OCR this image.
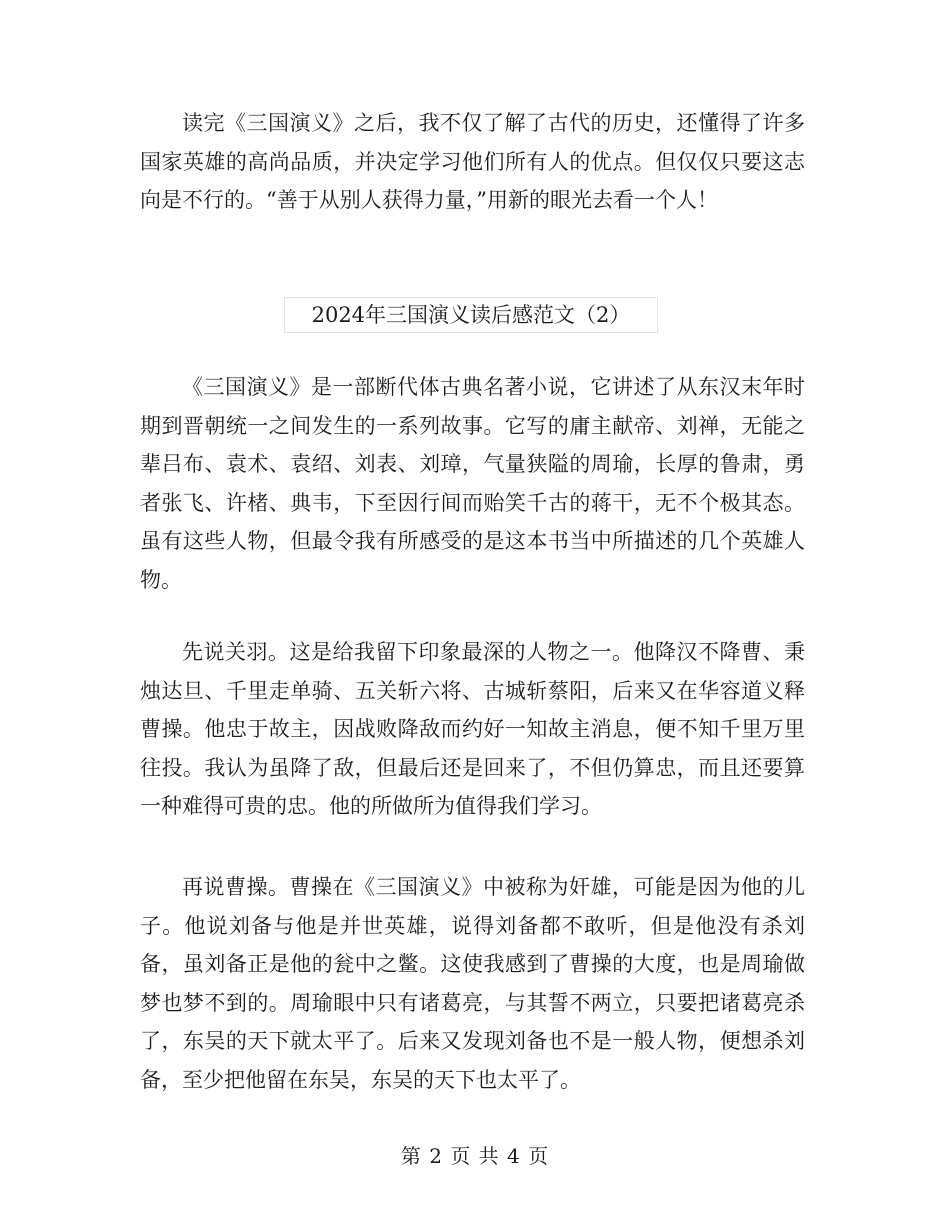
读完《三国演义》之后，我不仅了解了古代的历史，还懂得了许多国家英雄的高尚品质，并决定学习他们所有人的优点。但仅仅只要这志向是不行的。“善于从别人获得力量，”用新的眼光去看一个人！

2024年三国演义读后感范文（2）

《三国演义》是一部断代体古典名著小说，它讲述了从东汉末年时期到晋朝统一之间发生的一系列故事。它写的庸主献帝、刘禅，无能之辈吕布、袁术、袁绍、刘表、刘璋，气量狭隘的周瑜，长厚的鲁肃，勇者张飞、许楮、典韦，下至因行间而贻笑千古的蒋干，无不个极其态。虽有这些人物，但最令我有所感受的是这本书当中所描述的几个英雄人物。

先说关羽。这是给我留下印象最深的人物之一。他降汉不降曹、秉烛达旦、千里走单骑、五关斩六将、古城斩蔡阳，后来又在华容道义释曹操。他忠于故主，因战败降敌而约好一知故主消息，便不知千里万里往投。我认为虽降了敌，但最后还是回来了，不但仍算忠，而且还要算一种难得可贵的忠。他的所做所为值得我们学习。

再说曹操。曹操在《三国演义》中被称为奸雄，可能是因为他的儿子。他说刘备与他是并世英雄，说得刘备都不敢听，但是他没有杀刘备，虽刘备正是他的瓮中之鳖。这使我感到了曹操的大度，也是周瑜做梦也梦不到的。周瑜眼中只有诸葛亮，与其誓不两立，只要把诸葛亮杀了，东吴的天下就太平了。后来又发现刘备也不是一般人物，便想杀刘备，至少把他留在东吴，东吴的天下也太平了。

第 2 页 共 4 页
